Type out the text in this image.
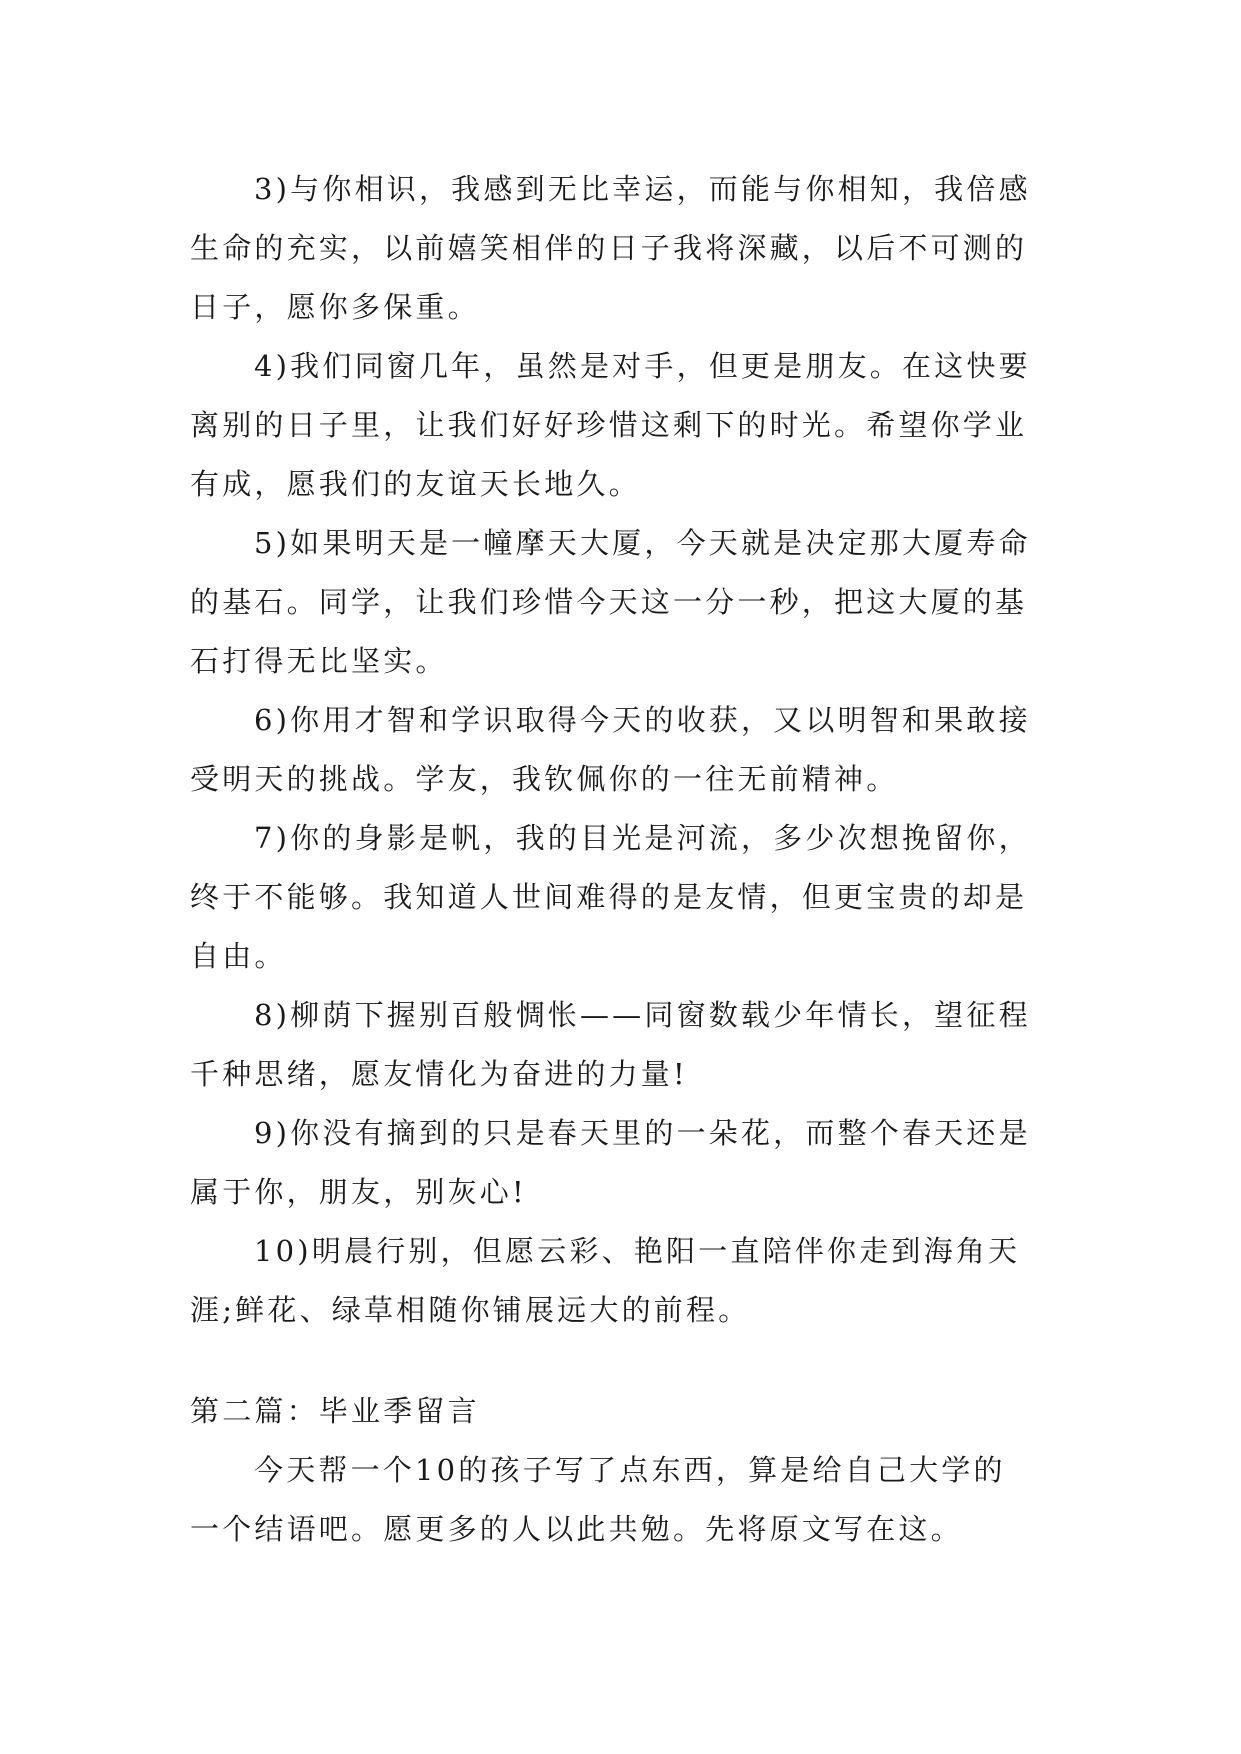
3)与你相识，我感到无比幸运，而能与你相知，我倍感
生命的充实，以前嬉笑相伴的日子我将深藏，以后不可测的
日子，愿你多保重。
4)我们同窗几年，虽然是对手，但更是朋友。在这快要
离别的日子里，让我们好好珍惜这剩下的时光。希望你学业
有成，愿我们的友谊天长地久。
5)如果明天是一幢摩天大厦，今天就是决定那大厦寿命
的基石。同学，让我们珍惜今天这一分一秒，把这大厦的基
石打得无比坚实。
6)你用才智和学识取得今天的收获，又以明智和果敢接
受明天的挑战。学友，我钦佩你的一往无前精神。
7)你的身影是帆，我的目光是河流，多少次想挽留你，
终于不能够。我知道人世间难得的是友情，但更宝贵的却是
自由。
8)柳荫下握别百般惆怅——同窗数载少年情长，望征程
千种思绪，愿友情化为奋进的力量!
9)你没有摘到的只是春天里的一朵花，而整个春天还是
属于你，朋友，别灰心!
10)明晨行别，但愿云彩、艳阳一直陪伴你走到海角天
涯;鲜花、绿草相随你铺展远大的前程。
第二篇：毕业季留言
今天帮一个10的孩子写了点东西，算是给自己大学的
一个结语吧。愿更多的人以此共勉。先将原文写在这。
